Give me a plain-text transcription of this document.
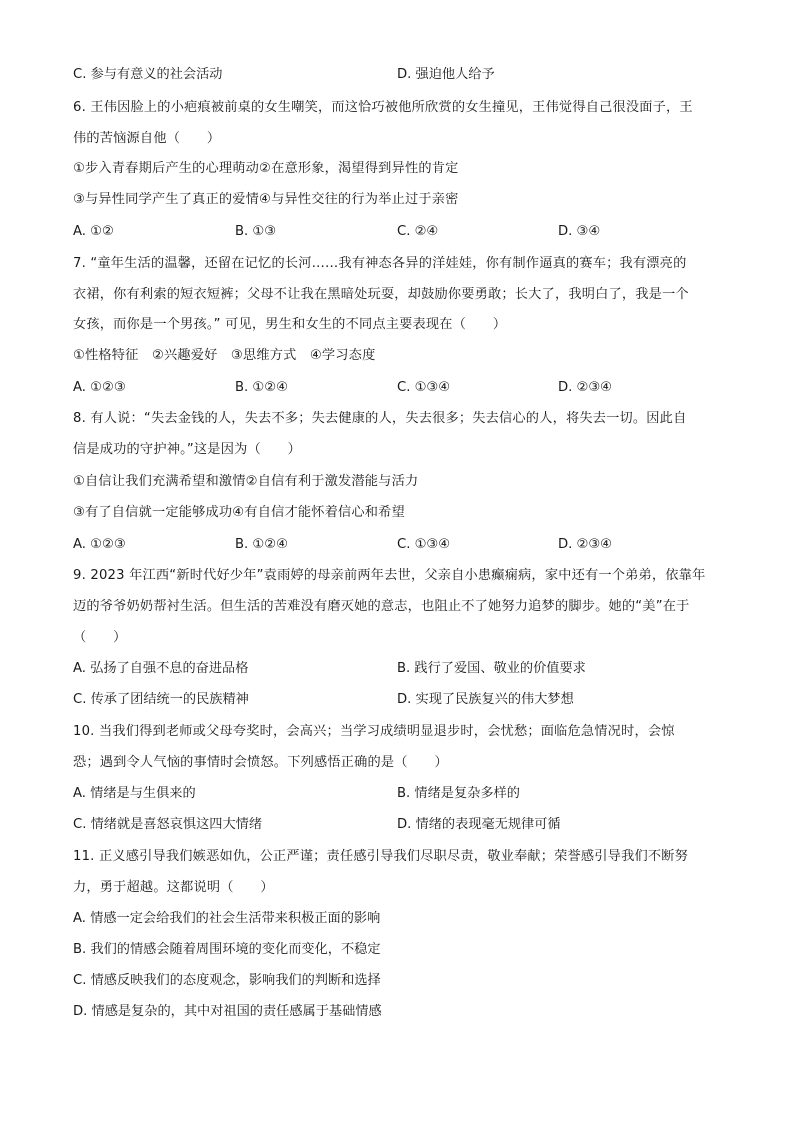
C. 参与有意义的社会活动	D. 强迫他人给予
6. 王伟因脸上的小疤痕被前桌的女生嘲笑，而这恰巧被他所欣赏的女生撞见，王伟觉得自己很没面子，王
伟的苦恼源自他（　　）
①步入青春期后产生的心理萌动②在意形象，渴望得到异性的肯定
③与异性同学产生了真正的爱情④与异性交往的行为举止过于亲密
A. ①②	B. ①③	C. ②④	D. ③④
7. “童年生活的温馨，还留在记忆的长河……我有神态各异的洋娃娃，你有制作逼真的赛车；我有漂亮的
衣裙，你有利索的短衣短裤；父母不让我在黑暗处玩耍，却鼓励你要勇敢；长大了，我明白了，我是一个
女孩，而你是一个男孩。” 可见，男生和女生的不同点主要表现在（　　）
①性格特征　②兴趣爱好　③思维方式　④学习态度
A. ①②③	B. ①②④	C. ①③④	D. ②③④
8. 有人说：“失去金钱的人，失去不多；失去健康的人，失去很多；失去信心的人，将失去一切。因此自
信是成功的守护神。”这是因为（　　）
①自信让我们充满希望和激情②自信有利于激发潜能与活力
③有了自信就一定能够成功④有自信才能怀着信心和希望
A. ①②③	B. ①②④	C. ①③④	D. ②③④
9. 2023 年江西“新时代好少年”袁雨婷的母亲前两年去世，父亲自小患癫痫病，家中还有一个弟弟，依靠年
迈的爷爷奶奶帮衬生活。但生活的苦难没有磨灭她的意志，也阻止不了她努力追梦的脚步。她的“美”在于
（　　）
A. 弘扬了自强不息的奋进品格	B. 践行了爱国、敬业的价值要求
C. 传承了团结统一的民族精神	D. 实现了民族复兴的伟大梦想
10. 当我们得到老师或父母夸奖时，会高兴；当学习成绩明显退步时，会忧愁；面临危急情况时，会惊
恐；遇到令人气恼的事情时会愤怒。下列感悟正确的是（　　）
A. 情绪是与生俱来的	B. 情绪是复杂多样的
C. 情绪就是喜怒哀惧这四大情绪	D. 情绪的表现毫无规律可循
11. 正义感引导我们嫉恶如仇，公正严谨；责任感引导我们尽职尽责，敬业奉献；荣誉感引导我们不断努
力，勇于超越。这都说明（　　）
A. 情感一定会给我们的社会生活带来积极正面的影响
B. 我们的情感会随着周围环境的变化而变化，不稳定
C. 情感反映我们的态度观念，影响我们的判断和选择
D. 情感是复杂的，其中对祖国的责任感属于基础情感
